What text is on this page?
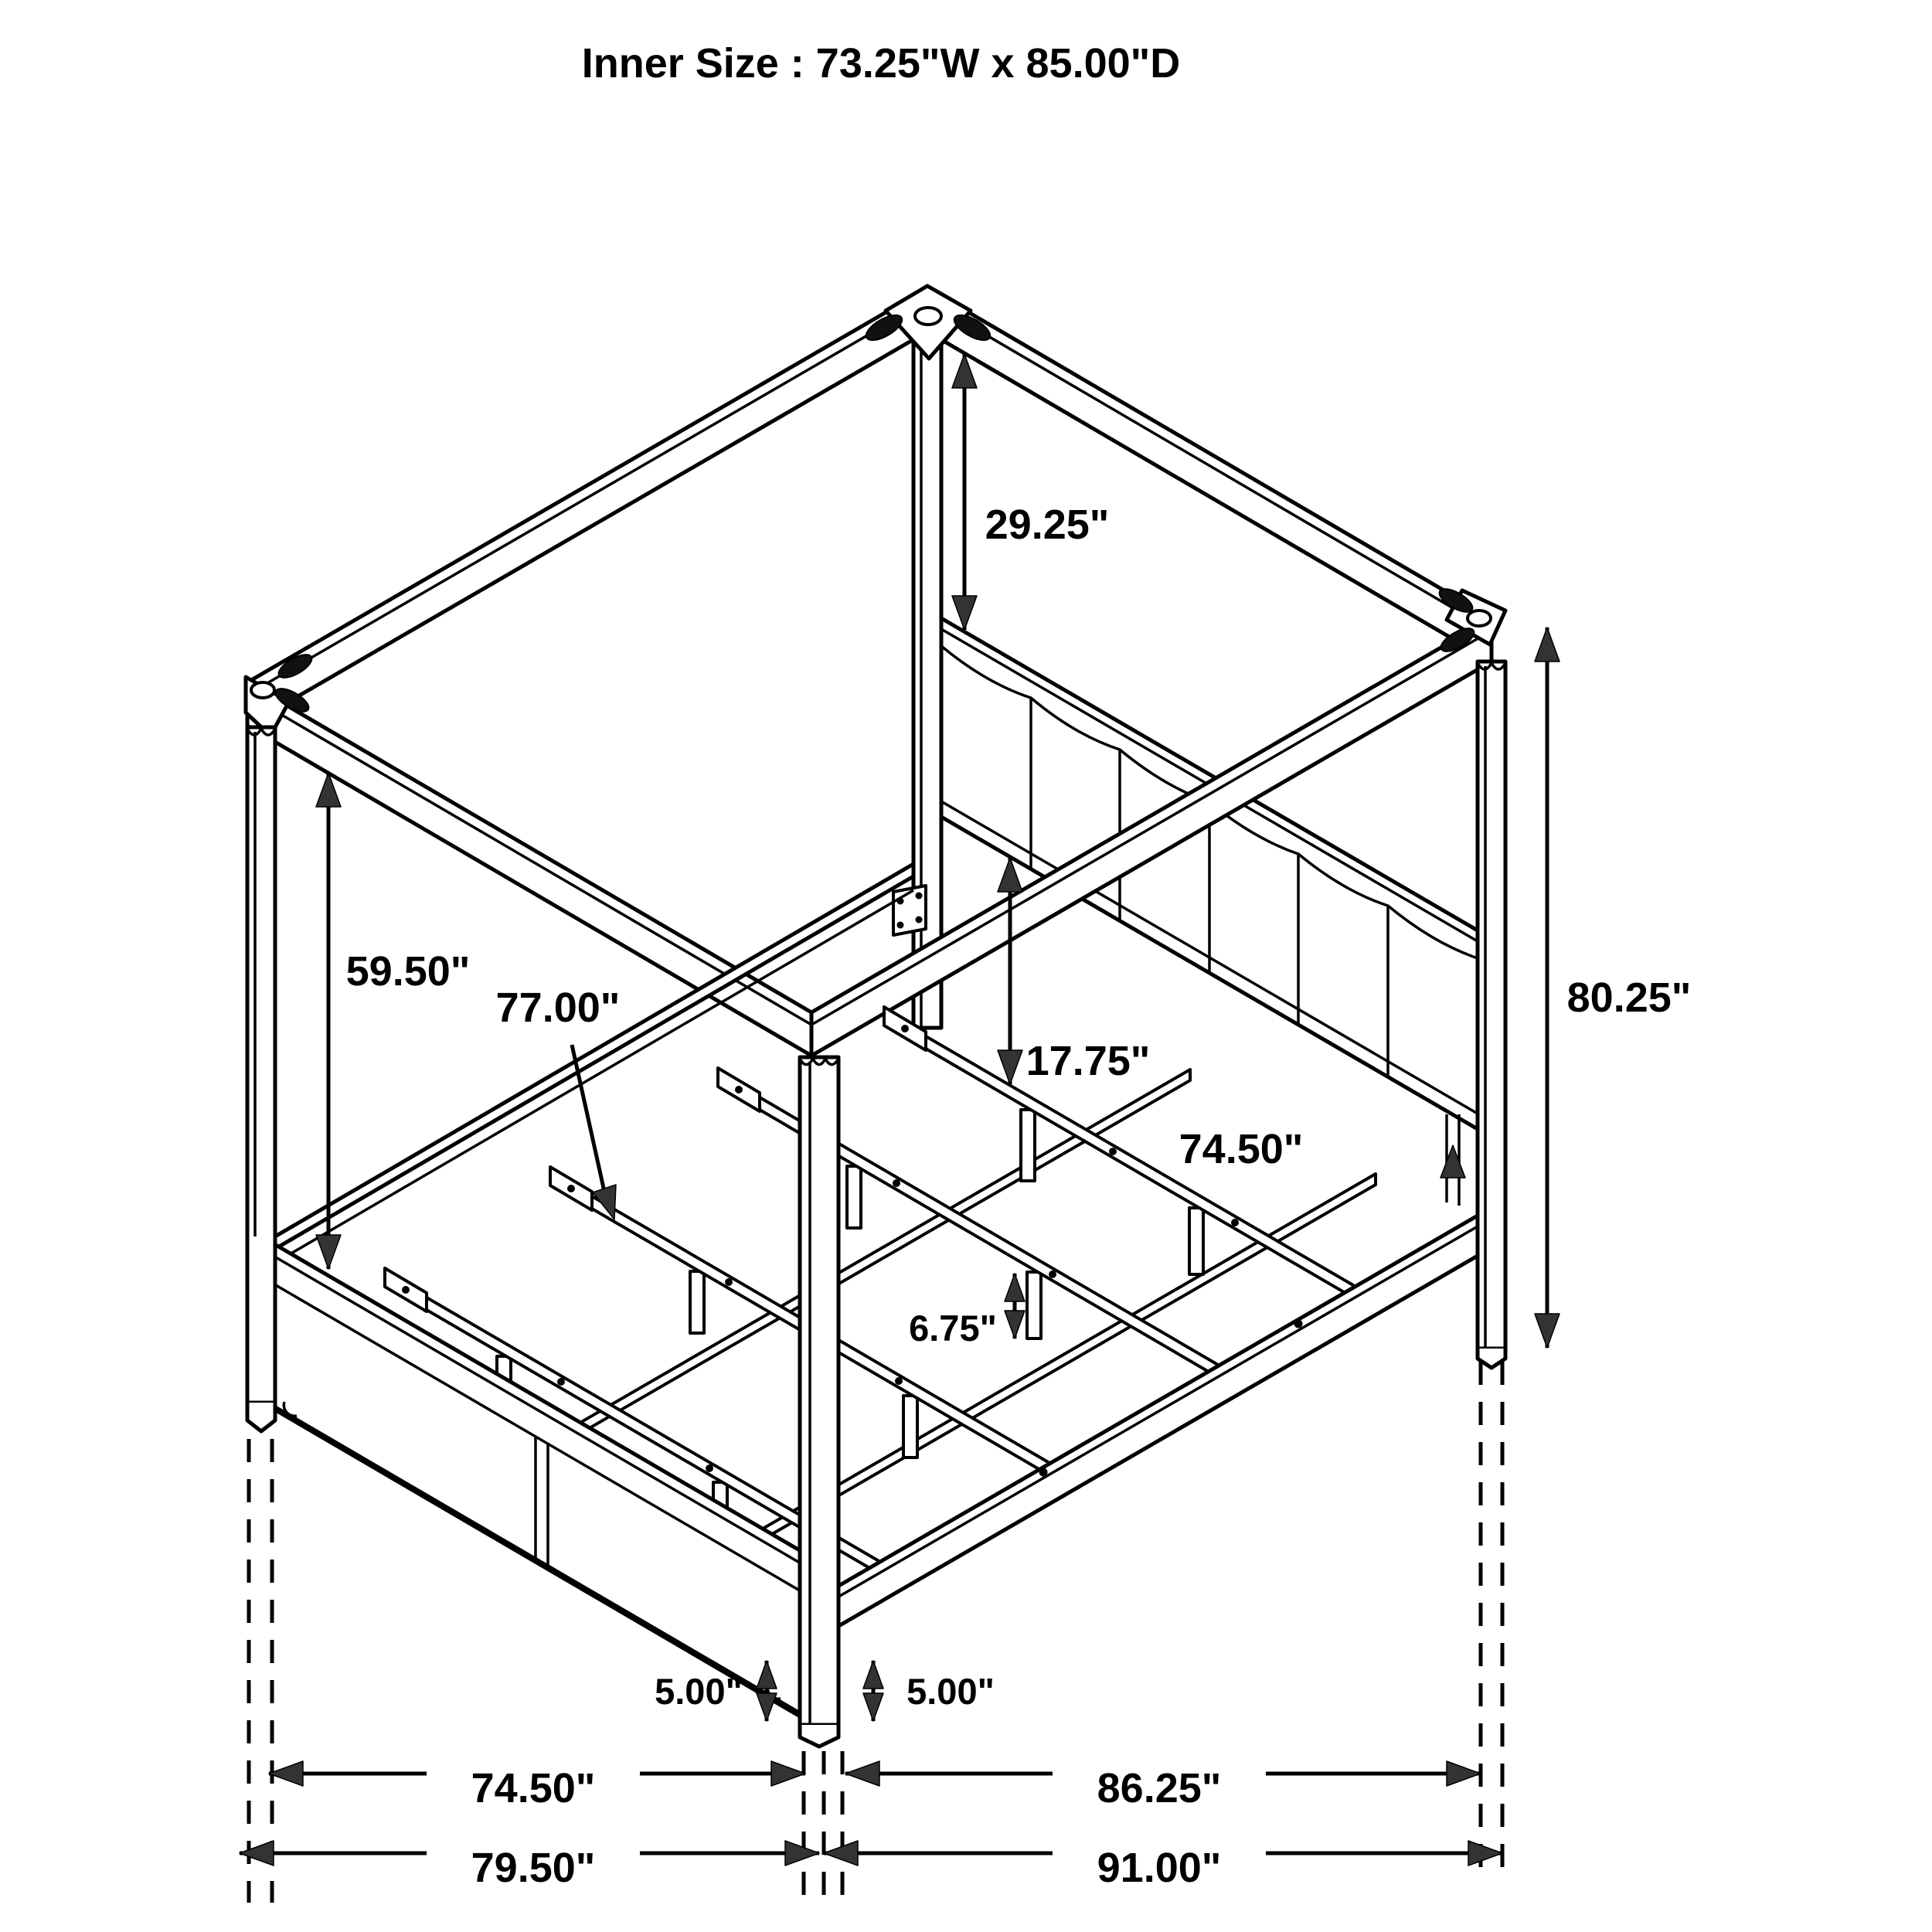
29.25"
59.50"
77.00"
17.75"
74.50"
80.25"
6.75"
5.00"	5.00"
74.50"	86.25"
79.50"	91.00"
Inner Size : 73.25"W x 85.00"D
